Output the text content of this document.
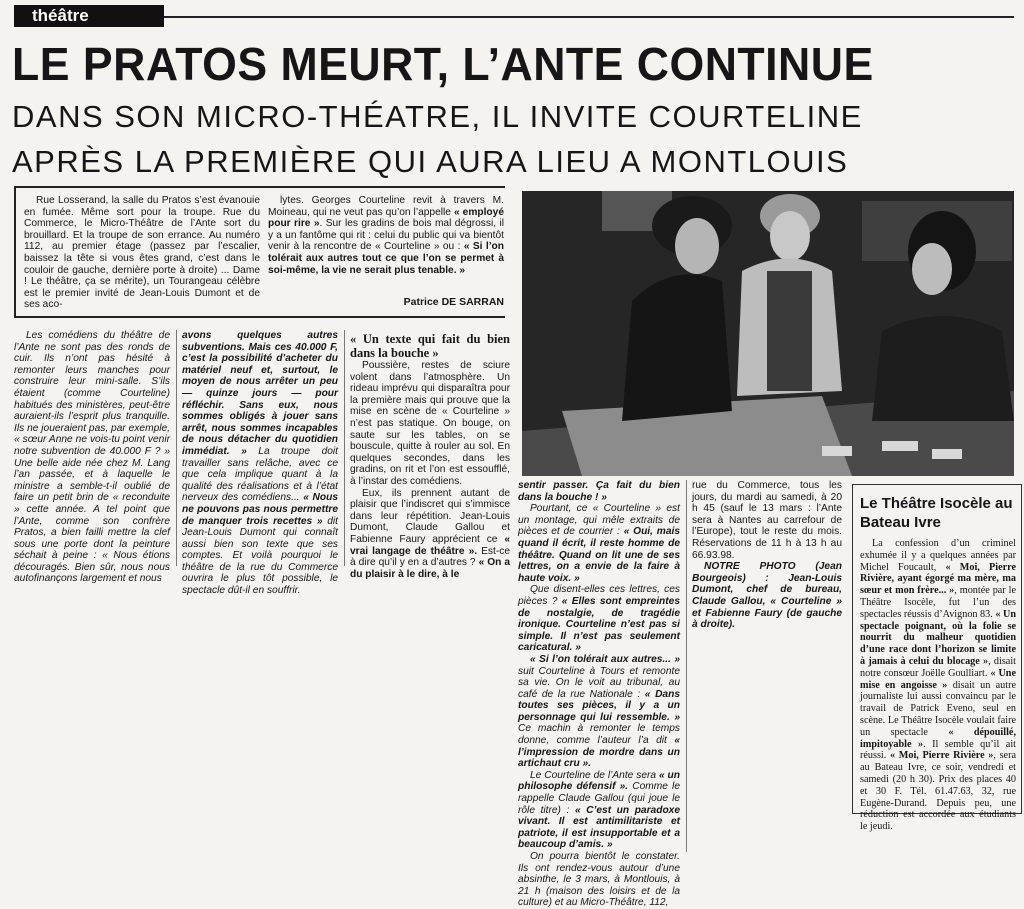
théâtre
LE PRATOS MEURT, L’ANTE CONTINUE
DANS SON MICRO-THÉATRE, IL INVITE COURTELINE
APRÈS LA PREMIÈRE QUI AURA LIEU A MONTLOUIS

Rue Losserand, la salle du Pratos s’est évanouie en fumée. Même sort pour la troupe. Rue du Commerce, le Micro-Théâtre de l’Ante sort du brouillard. Et la troupe de son errance. Au numéro 112, au premier étage (passez par l’escalier, baissez la tête si vous êtes grand, c’est dans le couloir de gauche, dernière porte à droite) ... Dame ! Le théâtre, ça se mérite), un Tourangeau célèbre est le premier invité de Jean-Louis Dumont et de ses aco-

lytes. Georges Courteline revit à travers M. Moineau, qui ne veut pas qu’on l’appelle « employé pour rire ». Sur les gradins de bois mal dégrossi, il y a un fantôme qui rit : celui du public qui va bientôt venir à la rencontre de « Courteline » ou : « Si l’on tolérait aux autres tout ce que l’on se permet à soi-même, la vie ne serait plus tenable. »

Patrice DE SARRAN

Les comédiens du théâtre de l’Ante ne sont pas des ronds de cuir. Ils n’ont pas hésité à remonter leurs manches pour construire leur mini-salle. S’ils étaient (comme Courteline) habitués des ministères, peut-être auraient-ils l’esprit plus tranquille. Ils ne joueraient pas, par exemple, « sœur Anne ne vois-tu point venir notre subvention de 40.000 F ? » Une belle aide née chez M. Lang l’an passée, et à laquelle le ministre a semble-t-il oublié de faire un petit brin de « reconduite » cette année. A tel point que l’Ante, comme son confrère Pratos, a bien failli mettre la clef sous une porte dont la peinture séchait à peine : « Nous étions découragés. Bien sûr, nous nous autofinançons largement et nous

avons quelques autres subventions. Mais ces 40.000 F, c’est la possibilité d’acheter du matériel neuf et, surtout, le moyen de nous arrêter un peu — quinze jours — pour réfléchir. Sans eux, nous sommes obligés à jouer sans arrêt, nous sommes incapables de nous détacher du quotidien immédiat. » La troupe doit travailler sans relâche, avec ce que cela implique quant à la qualité des réalisations et à l’état nerveux des comédiens... « Nous ne pouvons pas nous permettre de manquer trois recettes » dit Jean-Louis Dumont qui connaît aussi bien son texte que ses comptes. Et voilà pourquoi le théâtre de la rue du Commerce ouvrira le plus tôt possible, le spectacle dût-il en souffrir.

« Un texte qui fait du bien dans la bouche »

Poussière, restes de sciure volent dans l’atmosphère. Un rideau imprévu qui disparaîtra pour la première mais qui prouve que la mise en scène de « Courteline » n’est pas statique. On bouge, on saute sur les tables, on se bouscule, quitte à rouler au sol. En quelques secondes, dans les gradins, on rit et l’on est essoufflé, à l’instar des comédiens.

Eux, ils prennent autant de plaisir que l’indiscret qui s’immisce dans leur répétition. Jean-Louis Dumont, Claude Gallou et Fabienne Faury apprécient ce « vrai langage de théâtre ». Est-ce à dire qu’il y en a d’autres ? « On a du plaisir à le dire, à le

sentir passer. Ça fait du bien dans la bouche ! »

Pourtant, ce « Courteline » est un montage, qui mêle extraits de pièces et de courrier : « Oui, mais quand il écrit, il reste homme de théâtre. Quand on lit une de ses lettres, on a envie de la faire à haute voix. »

Que disent-elles ces lettres, ces pièces ? « Elles sont empreintes de nostalgie, de tragédie ironique. Courteline n’est pas si simple. Il n’est pas seulement caricatural. »

« Si l’on tolérait aux autres... » suit Courteline à Tours et remonte sa vie. On le voit au tribunal, au café de la rue Nationale : « Dans toutes ses pièces, il y a un personnage qui lui ressemble. » Ce machin à remonter le temps donne, comme l’auteur l’a dit « l’impression de mordre dans un artichaut cru ».

Le Courteline de l’Ante sera « un philosophe défensif ». Comme le rappelle Claude Gallou (qui joue le rôle titre) : « C’est un paradoxe vivant. Il est antimilitariste et patriote, il est insupportable et a beaucoup d’amis. »

On pourra bientôt le constater. Ils ont rendez-vous autour d’une absinthe, le 3 mars, à Montlouis, à 21 h (maison des loisirs et de la culture) et au Micro-Théâtre, 112,

rue du Commerce, tous les jours, du mardi au samedi, à 20 h 45 (sauf le 13 mars : l’Ante sera à Nantes au carrefour de l’Europe), tout le reste du mois. Réservations de 11 h à 13 h au 66.93.98.

NOTRE PHOTO (Jean Bourgeois) : Jean-Louis Dumont, chef de bureau, Claude Gallou, « Courteline » et Fabienne Faury (de gauche à droite).

Le Théâtre Isocèle au Bateau Ivre

La confession d’un criminel exhumée il y a quelques années par Michel Foucault, « Moi, Pierre Rivière, ayant égorgé ma mère, ma sœur et mon frère... », montée par le Théâtre Isocèle, fut l’un des spectacles réussis d’Avignon 83. « Un spectacle poignant, où la folie se nourrit du malheur quotidien d’une race dont l’horizon se limite à jamais à celui du blocage », disait notre consœur Joëlle Goulliart. « Une mise en angoisse » disait un autre journaliste lui aussi convaincu par le travail de Patrick Eveno, seul en scène. Le Théâtre Isocèle voulait faire un spectacle « dépouillé, impitoyable ». Il semble qu’il ait réussi. « Moi, Pierre Rivière », sera au Bateau Ivre, ce soir, vendredi et samedi (20 h 30). Prix des places 40 et 30 F. Tél. 61.47.63, 32, rue Eugène-Durand. Depuis peu, une réduction est accordée aux étudiants le jeudi.
